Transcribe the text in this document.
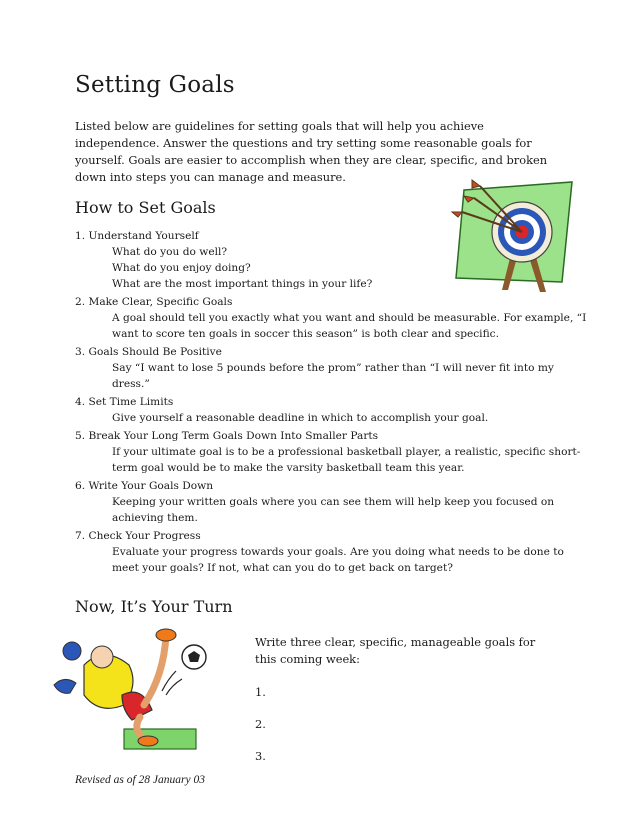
Setting Goals

Listed below are guidelines for setting goals that will help you achieve independence. Answer the questions and try setting some reasonable goals for yourself. Goals are easier to accomplish when they are clear, specific, and broken down into steps you can manage and measure.

How to Set Goals
1. Understand Yourself
What do you do well?
What do you enjoy doing?
What are the most important things in your life?
2. Make Clear, Specific Goals
A goal should tell you exactly what you want and should be measurable. For example, “I want to score ten goals in soccer this season” is both clear and specific.
3. Goals Should Be Positive
Say “I want to lose 5 pounds before the prom” rather than “I will never fit into my dress.”
4. Set Time Limits
Give yourself a reasonable deadline in which to accomplish your goal.
5. Break Your Long Term Goals Down Into Smaller Parts
If your ultimate goal is to be a professional basketball player, a realistic, specific short-term goal would be to make the varsity basketball team this year.
6. Write Your Goals Down
Keeping your written goals where you can see them will help keep you focused on achieving them.
7. Check Your Progress
Evaluate your progress towards your goals. Are you doing what needs to be done to meet your goals? If not, what can you do to get back on target?
Now, It’s Your Turn

Write three clear, specific, manageable goals for this coming week:

1.

2.

3.

Revised as of 28 January 03
